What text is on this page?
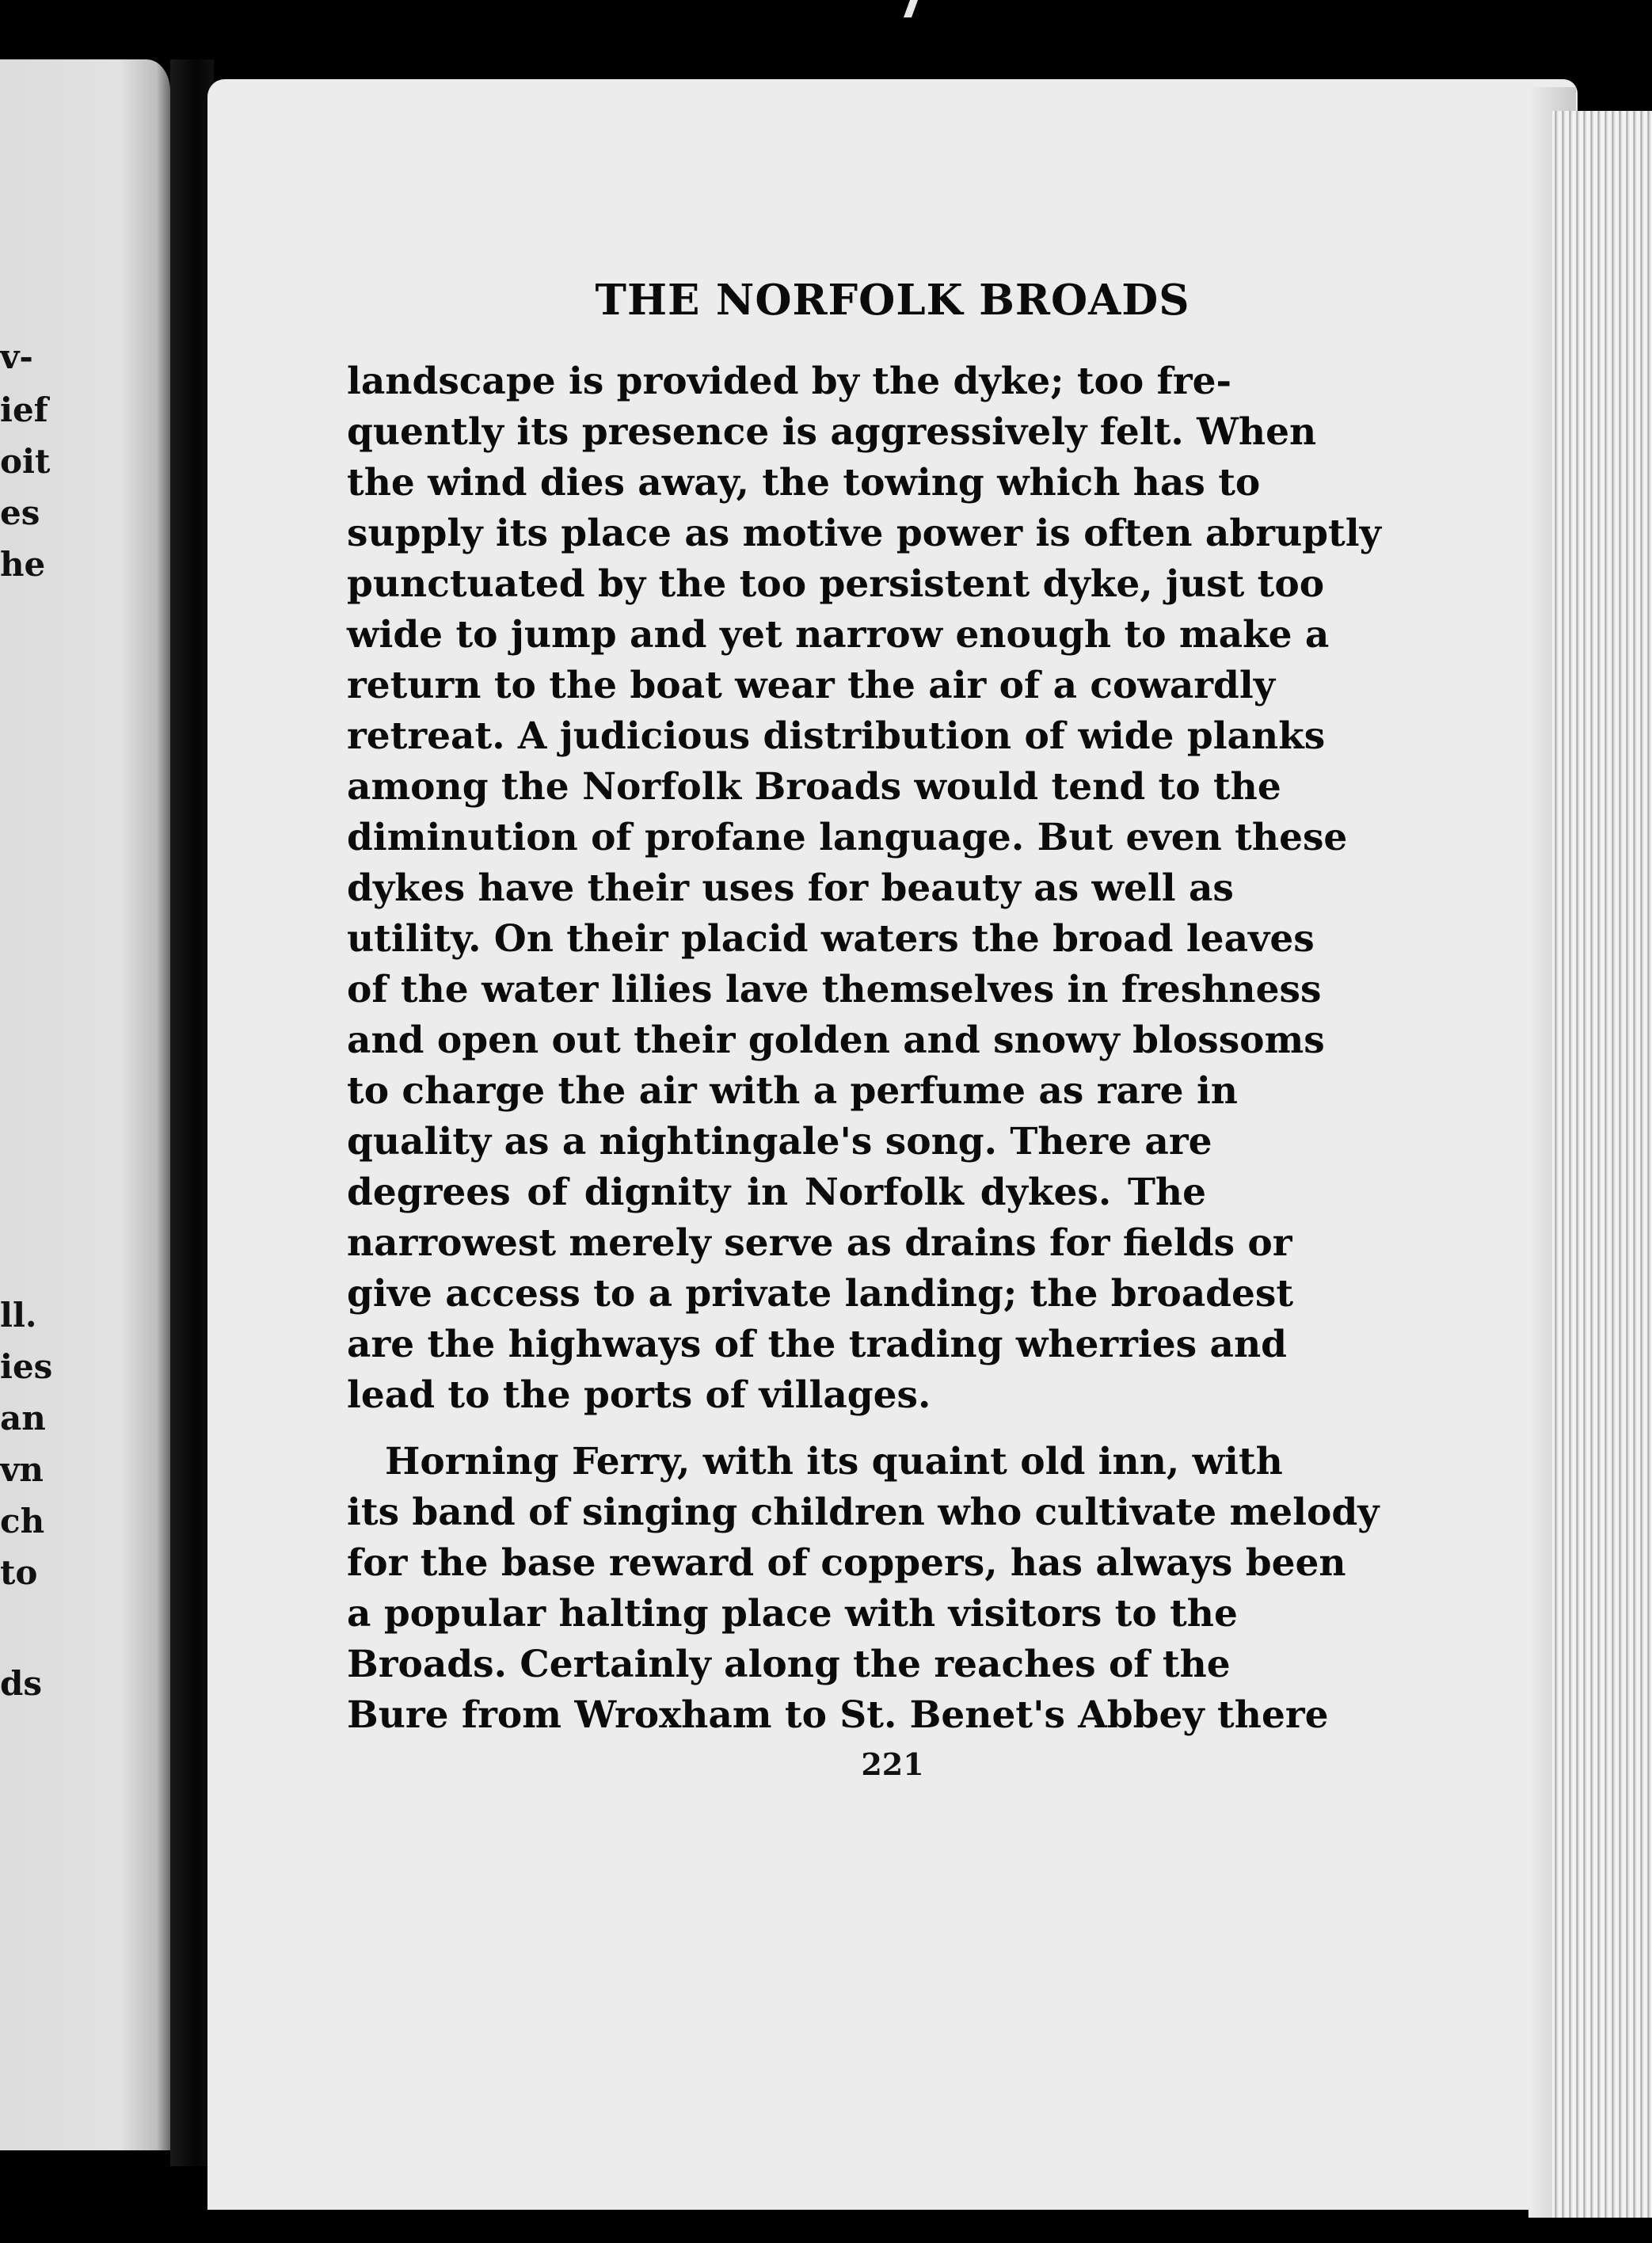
v-
ief
oit
es
he
ll.
ies
an
vn
ch
to
ds
THE NORFOLK BROADS
landscape is provided by the dyke; too fre-
quently its presence is aggressively felt. When
the wind dies away, the towing which has to
supply its place as motive power is often abruptly
punctuated by the too persistent dyke, just too
wide to jump and yet narrow enough to make a
return to the boat wear the air of a cowardly
retreat. A judicious distribution of wide planks
among the Norfolk Broads would tend to the
diminution of profane language. But even these
dykes have their uses for beauty as well as
utility. On their placid waters the broad leaves
of the water lilies lave themselves in freshness
and open out their golden and snowy blossoms
to charge the air with a perfume as rare in
quality as a nightingale's song. There are
degrees of dignity in Norfolk dykes. The
narrowest merely serve as drains for fields or
give access to a private landing; the broadest
are the highways of the trading wherries and
lead to the ports of villages.
Horning Ferry, with its quaint old inn, with
its band of singing children who cultivate melody
for the base reward of coppers, has always been
a popular halting place with visitors to the
Broads. Certainly along the reaches of the
Bure from Wroxham to St. Benet's Abbey there
221
